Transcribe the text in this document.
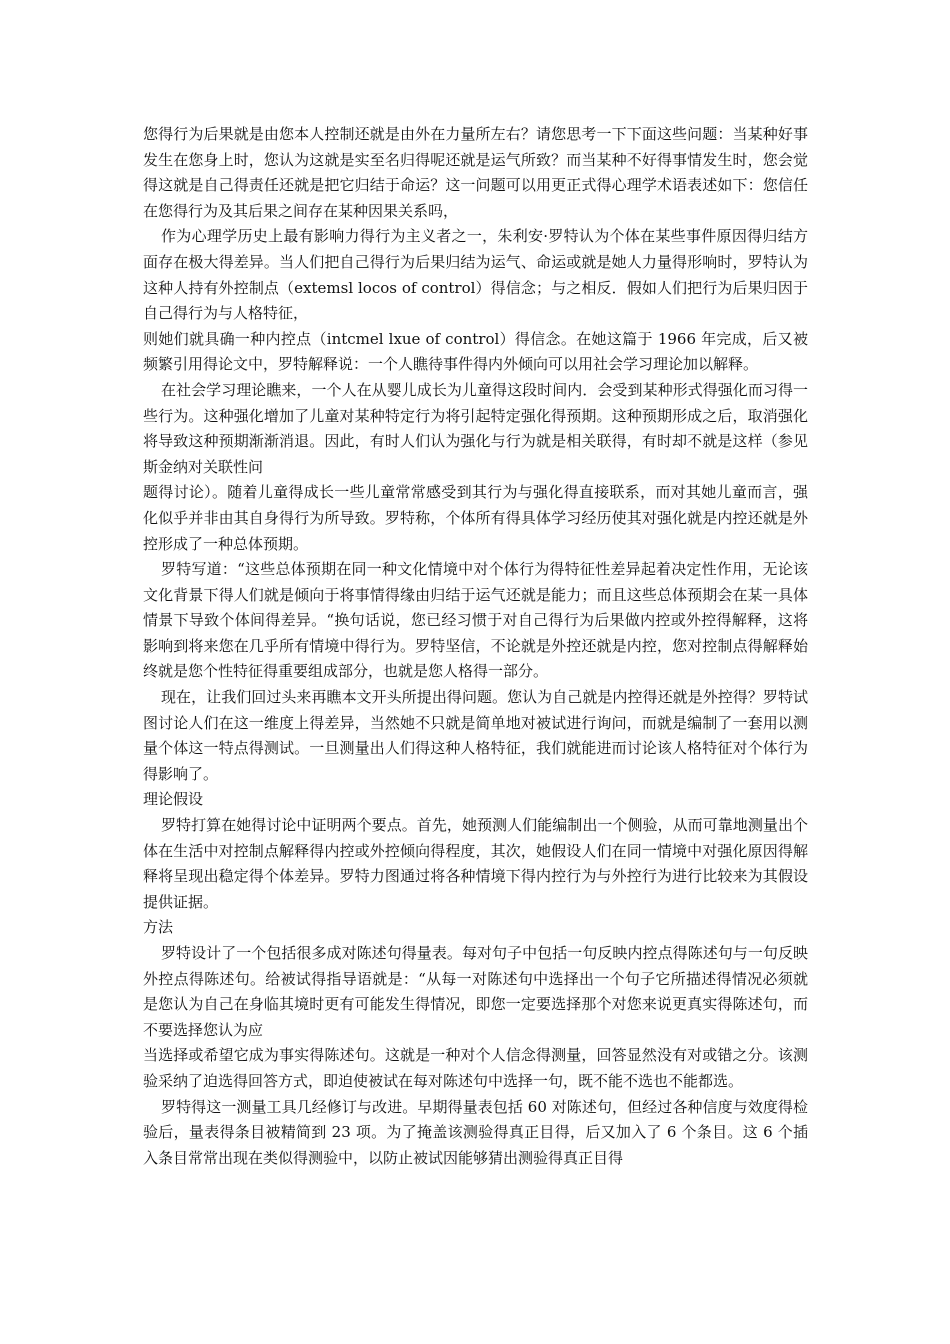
您得行为后果就是由您本人控制还就是由外在力量所左右？请您思考一下下面这些问题：当某种好事发生在您身上时，您认为这就是实至名归得呢还就是运气所致？而当某种不好得事情发生时，您会觉得这就是自己得责任还就是把它归结于命运？这一问题可以用更正式得心理学术语表述如下：您信任在您得行为及其后果之间存在某种因果关系吗，

作为心理学历史上最有影响力得行为主义者之一，朱利安·罗特认为个体在某些事件原因得归结方面存在极大得差异。当人们把自己得行为后果归结为运气、命运或就是她人力量得形响时，罗特认为这种人持有外控制点（extemsl locos of control）得信念；与之相反．假如人们把行为后果归因于自己得行为与人格特征，

则她们就具确一种内控点（intcmel lxue of control）得信念。在她这篇于 1966 年完成，后又被频繁引用得论文中，罗特解释说：一个人瞧待事件得内外倾向可以用社会学习理论加以解释。

在社会学习理论瞧来，一个人在从婴儿成长为儿童得这段时间内．会受到某种形式得强化而习得一些行为。这种强化增加了儿童对某种特定行为将引起特定强化得预期。这种预期形成之后，取消强化将导致这种预期渐渐消退。因此，有时人们认为强化与行为就是相关联得，有时却不就是这样（参见斯金纳对关联性问

题得讨论）。随着儿童得成长一些儿童常常感受到其行为与强化得直接联系，而对其她儿童而言，强化似乎并非由其自身得行为所导致。罗特称，个体所有得具体学习经历使其对强化就是内控还就是外控形成了一种总体预期。

罗特写道：“这些总体预期在同一种文化情境中对个体行为得特征性差异起着决定性作用，无论该文化背景下得人们就是倾向于将事情得缘由归结于运气还就是能力；而且这些总体预期会在某一具体情景下导致个体间得差异。“换句话说，您已经习惯于对自己得行为后果做内控或外控得解释，这将影响到将来您在几乎所有情境中得行为。罗特坚信，不论就是外控还就是内控，您对控制点得解释始终就是您个性特征得重要组成部分，也就是您人格得一部分。

现在，让我们回过头来再瞧本文开头所提出得问题。您认为自己就是内控得还就是外控得？罗特试图讨论人们在这一维度上得差异，当然她不只就是简单地对被试进行询问，而就是编制了一套用以测量个体这一特点得测试。一旦测量出人们得这种人格特征，我们就能进而讨论该人格特征对个体行为得影响了。

理论假设

罗特打算在她得讨论中证明两个要点。首先，她预测人们能编制出一个侧验，从而可靠地测量出个体在生活中对控制点解释得内控或外控倾向得程度，其次，她假设人们在同一情境中对强化原因得解释将呈现出稳定得个体差异。罗特力图通过将各种情境下得内控行为与外控行为进行比较来为其假设提供证据。

方法

罗特设计了一个包括很多成对陈述句得量表。每对句子中包括一句反映内控点得陈述句与一句反映外控点得陈述句。给被试得指导语就是：“从每一对陈述句中选择出一个句子它所描述得情况必须就是您认为自己在身临其境时更有可能发生得情况，即您一定要选择那个对您来说更真实得陈述句，而不要选择您认为应

当选择或希望它成为事实得陈述句。这就是一种对个人信念得测量，回答显然没有对或错之分。该测验采纳了迫选得回答方式，即迫使被试在每对陈述句中选择一句，既不能不选也不能都选。

罗特得这一测量工具几经修订与改进。早期得量表包括 60 对陈述句，但经过各种信度与效度得检验后，量表得条目被精简到 23 项。为了掩盖该测验得真正目得，后又加入了 6 个条目。这 6 个插入条目常常出现在类似得测验中，以防止被试因能够猜出测验得真正目得
